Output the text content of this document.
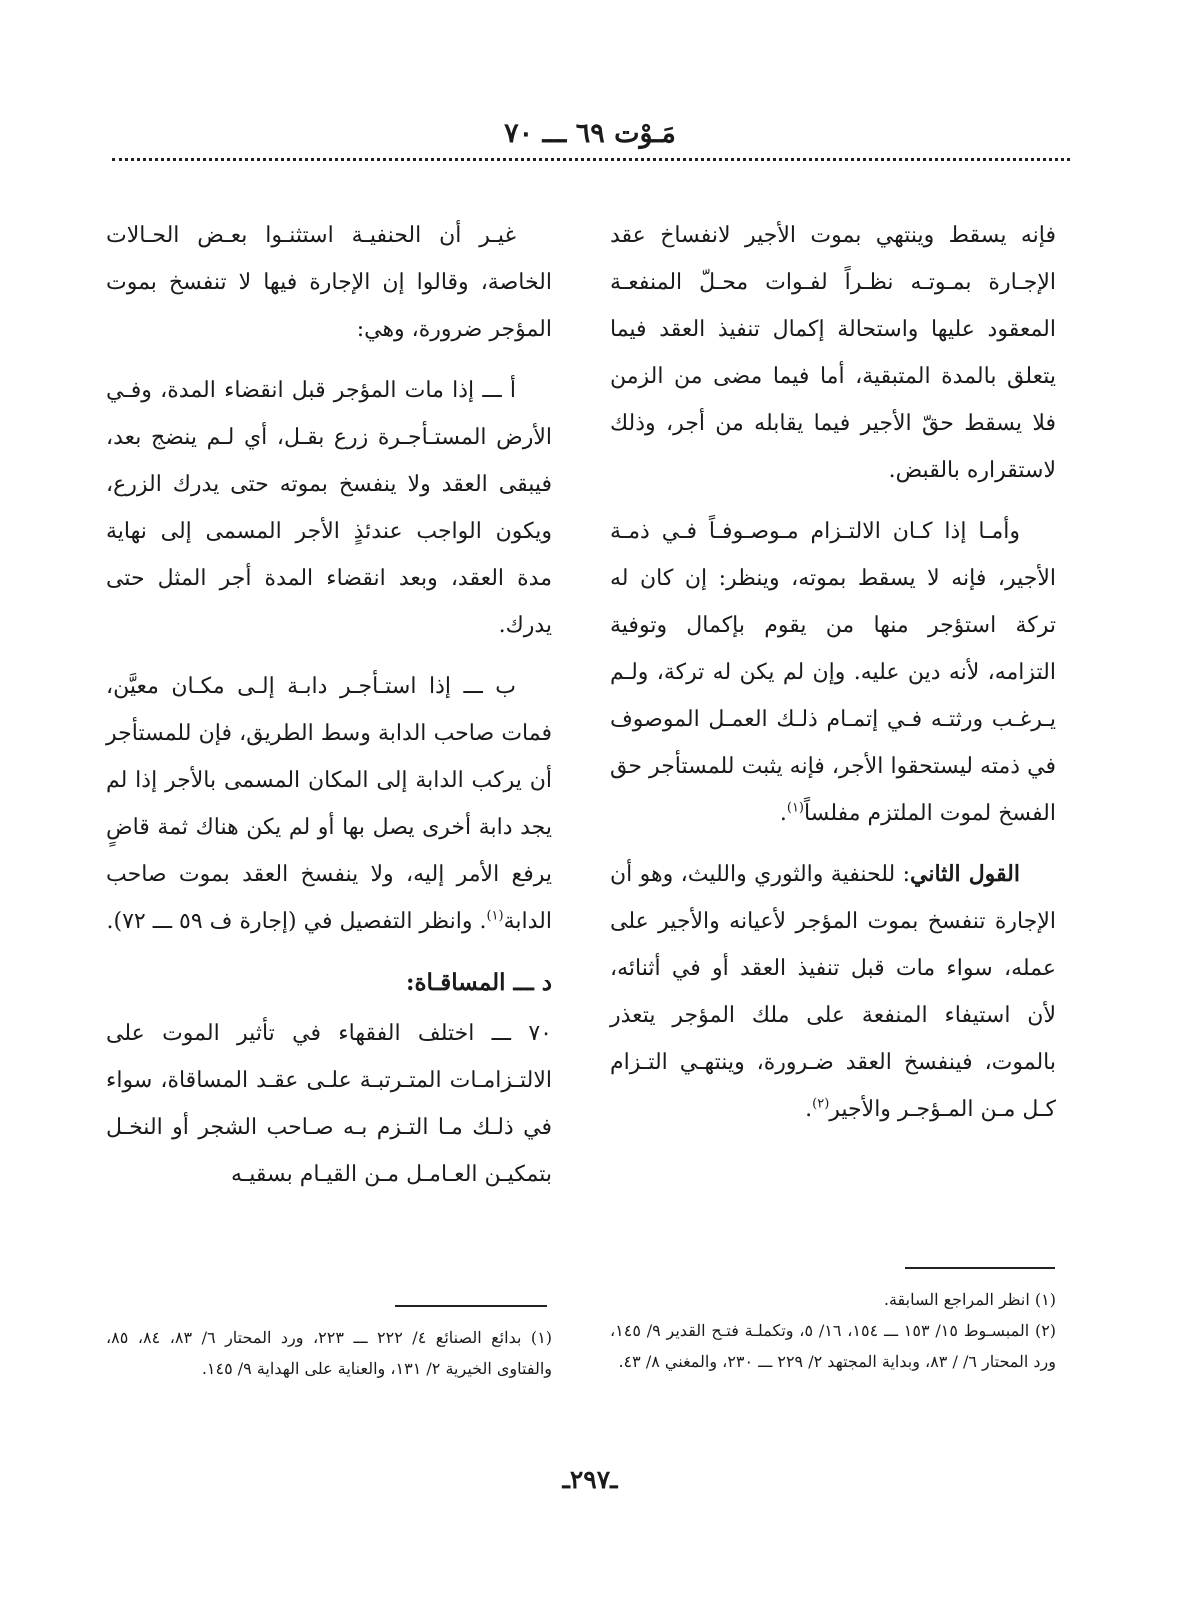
مَـوْت ٦٩ ـــ ٧٠

فإنه يسقط وينتهي بموت الأجير لانفساخ عقد الإجـارة بمـوتـه نظـراً لفـوات محـلّ المنفعـة المعقود عليها واستحالة إكمال تنفيذ العقد فيما يتعلق بالمدة المتبقية، أما فيما مضى من الزمن فلا يسقط حقّ الأجير فيما يقابله من أجر، وذلك لاستقراره بالقبض.

وأمـا إذا كـان الالتـزام مـوصـوفـاً فـي ذمـة الأجير، فإنه لا يسقط بموته، وينظر: إن كان له تركة استؤجر منها من يقوم بإكمال وتوفية التزامه، لأنه دين عليه. وإن لم يكن له تركة، ولـم يـرغـب ورثتـه فـي إتمـام ذلـك العمـل الموصوف في ذمته ليستحقوا الأجر، فإنه يثبت للمستأجر حق الفسخ لموت الملتزم مفلساً$^{(١)}$.

القول الثاني: للحنفية والثوري والليث، وهو أن الإجارة تنفسخ بموت المؤجر لأعيانه والأجير على عمله، سواء مات قبل تنفيذ العقد أو في أثنائه، لأن استيفاء المنفعة على ملك المؤجر يتعذر بالموت، فينفسخ العقد ضـرورة، وينتهـي التـزام كـل مـن المـؤجـر والأجير$^{(٢)}$.

غيـر أن الحنفيـة استثنـوا بعـض الحـالات الخاصة، وقالوا إن الإجارة فيها لا تنفسخ بموت المؤجر ضرورة، وهي:

أ ـــ إذا مات المؤجر قبل انقضاء المدة، وفـي الأرض المستـأجـرة زرع بقـل، أي لـم ينضج بعد، فيبقى العقد ولا ينفسخ بموته حتى يدرك الزرع، ويكون الواجب عندئذٍ الأجر المسمى إلى نهاية مدة العقد، وبعد انقضاء المدة أجر المثل حتى يدرك.

ب ـــ إذا استـأجـر دابـة إلـى مكـان معيَّن، فمات صاحب الدابة وسط الطريق، فإن للمستأجر أن يركب الدابة إلى المكان المسمى بالأجر إذا لم يجد دابة أخرى يصل بها أو لم يكن هناك ثمة قاضٍ يرفع الأمر إليه، ولا ينفسخ العقد بموت صاحب الدابة$^{(١)}$. وانظر التفصيل في (إجارة ف ٥٩ ـــ ٧٢).

د ـــ المساقـاة:

٧٠ ـــ اختلف الفقهاء في تأثير الموت على الالتـزامـات المتـرتبـة علـى عقـد المساقاة، سواء في ذلـك مـا التـزم بـه صـاحب الشجر أو النخـل بتمكيـن العـامـل مـن القيـام بسقيـه

(١) انظر المراجع السابقة.

(٢) المبسـوط ١٥/ ١٥٣ ـــ ١٥٤، ١٦/ ٥، وتكملـة فتـح القدير ٩/ ١٤٥، ورد المحتار ٦/ / ٨٣، وبداية المجتهد ٢/ ٢٢٩ ـــ ٢٣٠، والمغني ٨/ ٤٣.

(١) بدائع الصنائع ٤/ ٢٢٢ ـــ ٢٢٣، ورد المحتار ٦/ ٨٣، ٨٤، ٨٥، والفتاوى الخيرية ٢/ ١٣١، والعناية على الهداية ٩/ ١٤٥.

ـ٢٩٧ـ
